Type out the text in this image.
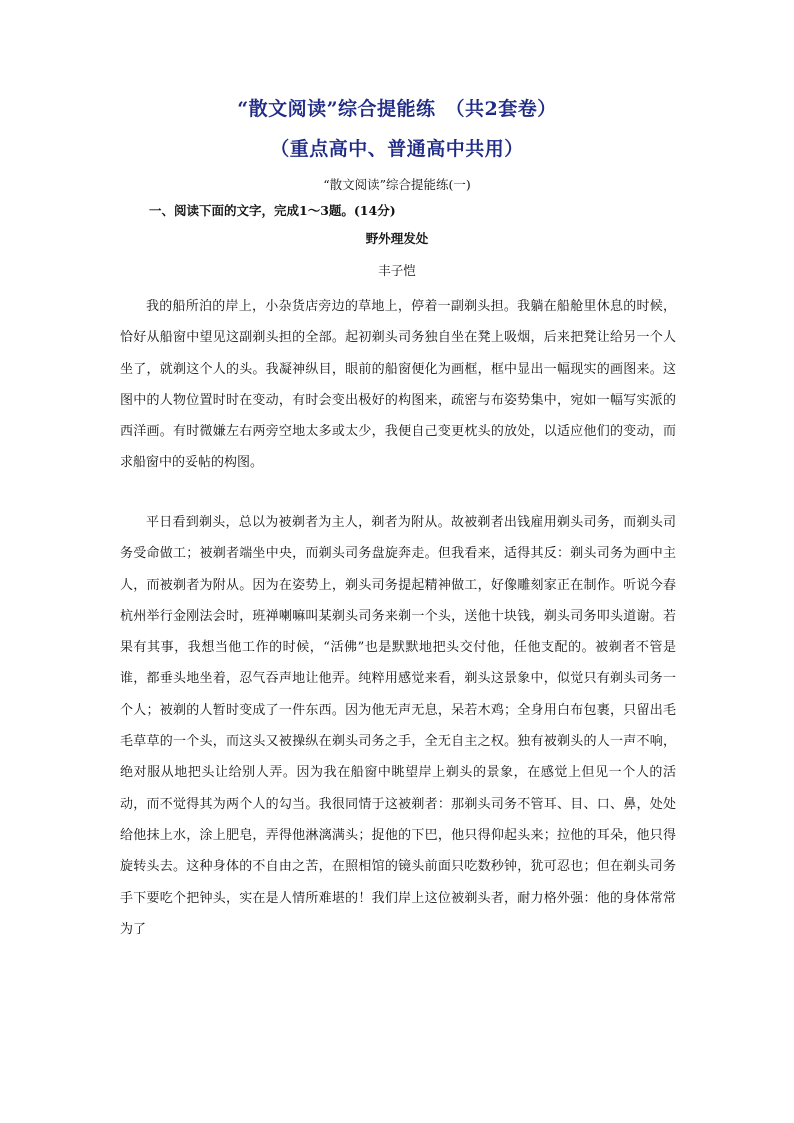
“散文阅读”综合提能练　（共2套卷）
（重点高中、普通高中共用）
“散文阅读”综合提能练(一)
一、阅读下面的文字，完成1～3题。(14分)
野外理发处
丰子恺

我的船所泊的岸上，小杂货店旁边的草地上，停着一副剃头担。我躺在船舱里休息的时候，恰好从船窗中望见这副剃头担的全部。起初剃头司务独自坐在凳上吸烟，后来把凳让给另一个人坐了，就剃这个人的头。我凝神纵目，眼前的船窗便化为画框，框中显出一幅现实的画图来。这图中的人物位置时时在变动，有时会变出极好的构图来，疏密与布姿势集中，宛如一幅写实派的西洋画。有时微嫌左右两旁空地太多或太少，我便自己变更枕头的放处，以适应他们的变动，而求船窗中的妥帖的构图。

平日看到剃头，总以为被剃者为主人，剃者为附从。故被剃者出钱雇用剃头司务，而剃头司务受命做工；被剃者端坐中央，而剃头司务盘旋奔走。但我看来，适得其反：剃头司务为画中主人，而被剃者为附从。因为在姿势上，剃头司务提起精神做工，好像雕刻家正在制作。听说今春杭州举行金刚法会时，班禅喇嘛叫某剃头司务来剃一个头，送他十块钱，剃头司务叩头道谢。若果有其事，我想当他工作的时候，“活佛”也是默默地把头交付他，任他支配的。被剃者不管是谁，都垂头地坐着，忍气吞声地让他弄。纯粹用感觉来看，剃头这景象中，似觉只有剃头司务一个人；被剃的人暂时变成了一件东西。因为他无声无息，呆若木鸡；全身用白布包裹，只留出毛毛草草的一个头，而这头又被操纵在剃头司务之手，全无自主之权。独有被剃头的人一声不响，绝对服从地把头让给别人弄。因为我在船窗中眺望岸上剃头的景象，在感觉上但见一个人的活动，而不觉得其为两个人的勾当。我很同情于这被剃者：那剃头司务不管耳、目、口、鼻，处处给他抹上水，涂上肥皂，弄得他淋漓满头；捉他的下巴，他只得仰起头来；拉他的耳朵，他只得旋转头去。这种身体的不自由之苦，在照相馆的镜头前面只吃数秒钟，犹可忍也；但在剃头司务手下要吃个把钟头，实在是人情所难堪的！我们岸上这位被剃头者，耐力格外强：他的身体常常为了
